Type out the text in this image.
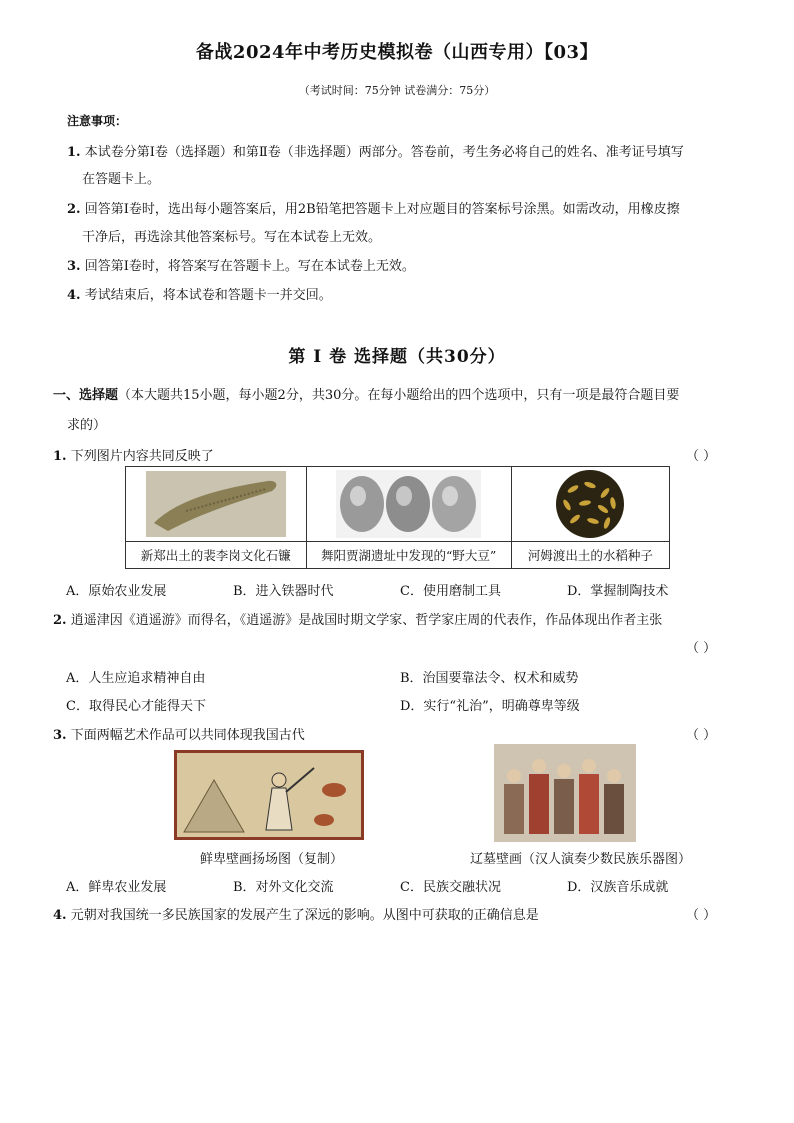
备战2024年中考历史模拟卷（山西专用）【03】
（考试时间：75分钟 试卷满分：75分）
注意事项：
1. 本试卷分第Ⅰ卷（选择题）和第Ⅱ卷（非选择题）两部分。答卷前，考生务必将自己的姓名、准考证号填写
在答题卡上。
2. 回答第Ⅰ卷时，选出每小题答案后，用2B铅笔把答题卡上对应题目的答案标号涂黑。如需改动，用橡皮擦
干净后，再选涂其他答案标号。写在本试卷上无效。
3. 回答第Ⅰ卷时，将答案写在答题卡上。写在本试卷上无效。
4. 考试结束后，将本试卷和答题卡一并交回。
第 Ⅰ 卷 选择题（共30分）
一、选择题（本大题共15小题，每小题2分，共30分。在每小题给出的四个选项中，只有一项是最符合题目要
求的）
1. 下列图片内容共同反映了	（ ）

新郑出土的裴李岗文化石镰	舞阳贾湖遗址中发现的“野大豆”	河姆渡出土的水稻种子
A．原始农业发展	B．进入铁器时代	C．使用磨制工具	D．掌握制陶技术
2. 逍遥津因《逍遥游》而得名，《逍遥游》是战国时期文学家、哲学家庄周的代表作，作品体现出作者主张
（ ）
A．人生应追求精神自由	B．治国要靠法令、权术和威势
C．取得民心才能得天下	D．实行“礼治”，明确尊卑等级
3. 下面两幅艺术作品可以共同体现我国古代	（ ）
鲜卑壁画扬场图（复制）	辽墓壁画（汉人演奏少数民族乐器图）
A．鲜卑农业发展	B．对外文化交流	C．民族交融状况	D．汉族音乐成就
4. 元朝对我国统一多民族国家的发展产生了深远的影响。从图中可获取的正确信息是	（ ）
